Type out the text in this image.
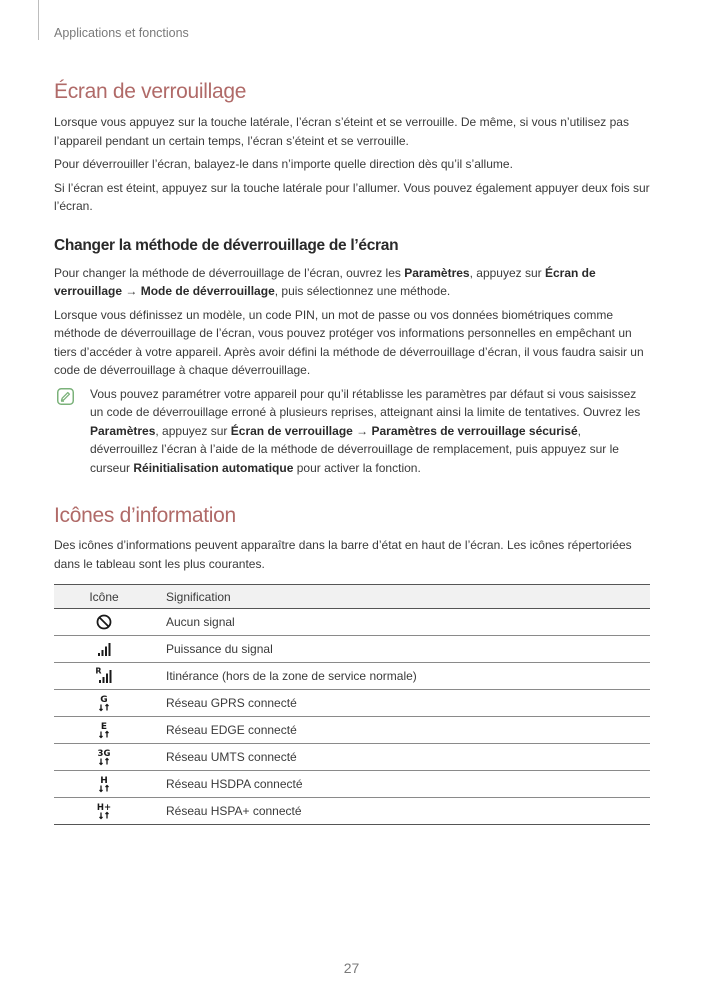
Applications et fonctions
Écran de verrouillage

Lorsque vous appuyez sur la touche latérale, l’écran s’éteint et se verrouille. De même, si vous n’utilisez pas l’appareil pendant un certain temps, l’écran s’éteint et se verrouille.

Pour déverrouiller l’écran, balayez-le dans n’importe quelle direction dès qu’il s’allume.

Si l’écran est éteint, appuyez sur la touche latérale pour l’allumer. Vous pouvez également appuyer deux fois sur l’écran.

Changer la méthode de déverrouillage de l’écran

Pour changer la méthode de déverrouillage de l’écran, ouvrez les Paramètres, appuyez sur Écran de verrouillage → Mode de déverrouillage, puis sélectionnez une méthode.

Lorsque vous définissez un modèle, un code PIN, un mot de passe ou vos données biométriques comme méthode de déverrouillage de l’écran, vous pouvez protéger vos informations personnelles en empêchant un tiers d’accéder à votre appareil. Après avoir défini la méthode de déverrouillage d’écran, il vous faudra saisir un code de déverrouillage à chaque déverrouillage.

Vous pouvez paramétrer votre appareil pour qu’il rétablisse les paramètres par défaut si vous saisissez un code de déverrouillage erroné à plusieurs reprises, atteignant ainsi la limite de tentatives. Ouvrez les Paramètres, appuyez sur Écran de verrouillage → Paramètres de verrouillage sécurisé, déverrouillez l’écran à l’aide de la méthode de déverrouillage de remplacement, puis appuyez sur le curseur Réinitialisation automatique pour activer la fonction.

Icônes d’information

Des icônes d’informations peuvent apparaître dans la barre d’état en haut de l’écran. Les icônes répertoriées dans le tableau sont les plus courantes.

Icône	Signification
	Aucun signal
	Puissance du signal

R	Itinérance (hors de la zone de service normale)

G	Réseau GPRS connecté

E	Réseau EDGE connecté

3G	Réseau UMTS connecté

H	Réseau HSDPA connecté

H+	Réseau HSPA+ connecté
27
